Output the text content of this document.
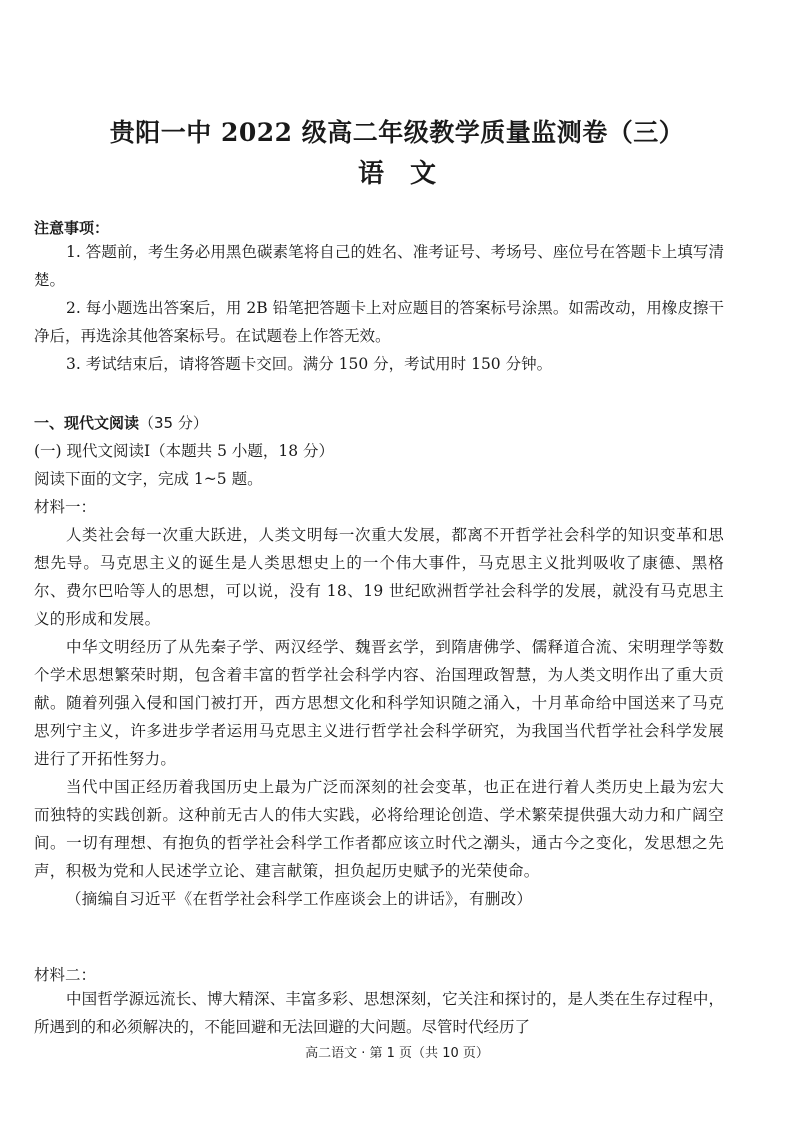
贵阳一中 2022 级高二年级教学质量监测卷（三）
语文
注意事项：

1. 答题前，考生务必用黑色碳素笔将自己的姓名、准考证号、考场号、座位号在答题卡上填写清楚。

2. 每小题选出答案后，用 2B 铅笔把答题卡上对应题目的答案标号涂黑。如需改动，用橡皮擦干净后，再选涂其他答案标号。在试题卷上作答无效。

3. 考试结束后，请将答题卡交回。满分 150 分，考试用时 150 分钟。

一、现代文阅读（35 分）
(一) 现代文阅读Ⅰ（本题共 5 小题，18 分）
阅读下面的文字，完成 1~5 题。
材料一：

人类社会每一次重大跃进，人类文明每一次重大发展，都离不开哲学社会科学的知识变革和思想先导。马克思主义的诞生是人类思想史上的一个伟大事件，马克思主义批判吸收了康德、黑格尔、费尔巴哈等人的思想，可以说，没有 18、19 世纪欧洲哲学社会科学的发展，就没有马克思主义的形成和发展。

中华文明经历了从先秦子学、两汉经学、魏晋玄学，到隋唐佛学、儒释道合流、宋明理学等数个学术思想繁荣时期，包含着丰富的哲学社会科学内容、治国理政智慧，为人类文明作出了重大贡献。随着列强入侵和国门被打开，西方思想文化和科学知识随之涌入，十月革命给中国送来了马克思列宁主义，许多进步学者运用马克思主义进行哲学社会科学研究，为我国当代哲学社会科学发展进行了开拓性努力。

当代中国正经历着我国历史上最为广泛而深刻的社会变革，也正在进行着人类历史上最为宏大而独特的实践创新。这种前无古人的伟大实践，必将给理论创造、学术繁荣提供强大动力和广阔空间。一切有理想、有抱负的哲学社会科学工作者都应该立时代之潮头，通古今之变化，发思想之先声，积极为党和人民述学立论、建言献策，担负起历史赋予的光荣使命。

（摘编自习近平《在哲学社会科学工作座谈会上的讲话》，有删改）

材料二：

中国哲学源远流长、博大精深、丰富多彩、思想深刻，它关注和探讨的，是人类在生存过程中，所遇到的和必须解决的，不能回避和无法回避的大问题。尽管时代经历了

高二语文 · 第 1 页（共 10 页）
